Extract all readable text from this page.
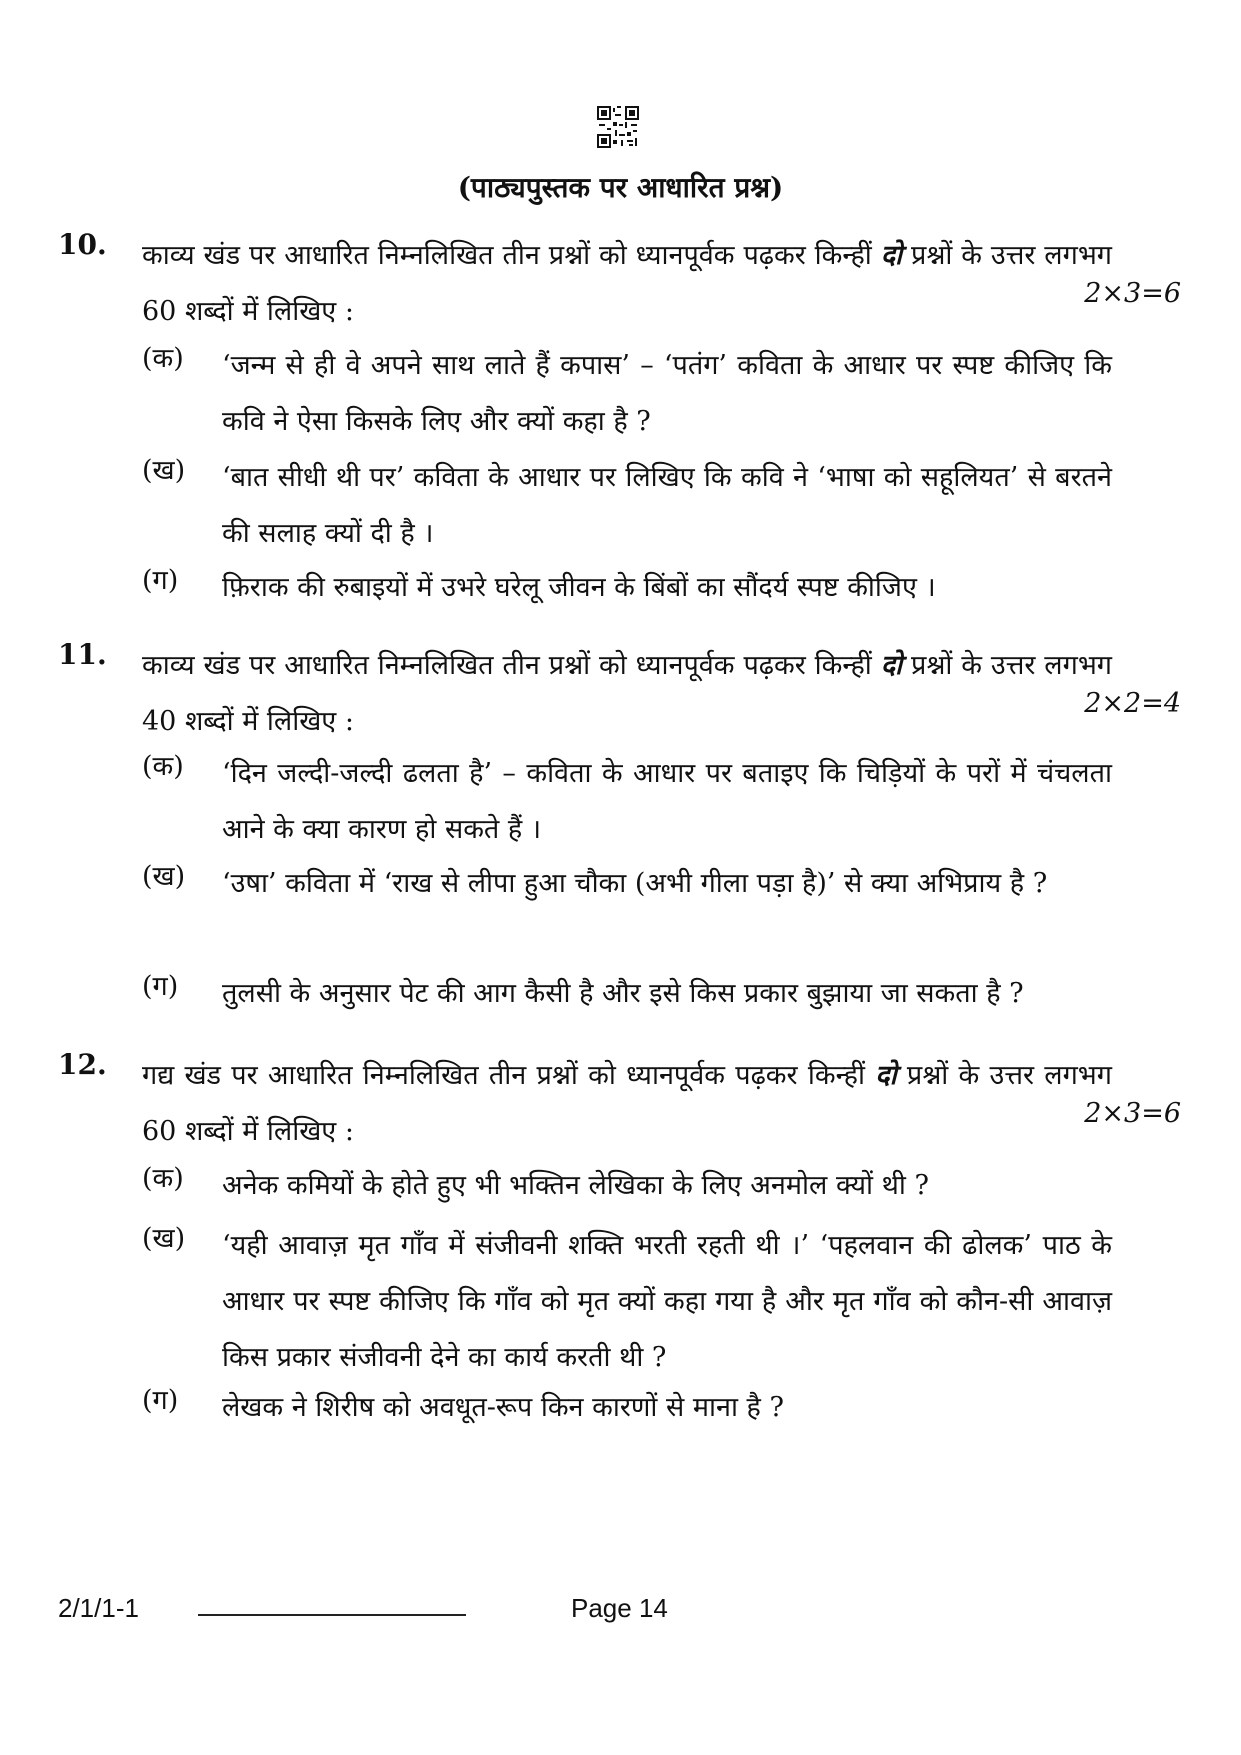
(पाठ्यपुस्तक पर आधारित प्रश्न)
10. काव्य खंड पर आधारित निम्नलिखित तीन प्रश्नों को ध्यानपूर्वक पढ़कर किन्हीं दो प्रश्नों के उत्तर लगभग 60 शब्दों में लिखिए :
2×3=6
(क) ‘जन्म से ही वे अपने साथ लाते हैं कपास’ – ‘पतंग’ कविता के आधार पर स्पष्ट कीजिए कि कवि ने ऐसा किसके लिए और क्यों कहा है ?
(ख) ‘बात सीधी थी पर’ कविता के आधार पर लिखिए कि कवि ने ‘भाषा को सहूलियत’ से बरतने की सलाह क्यों दी है ।
(ग) फ़िराक की रुबाइयों में उभरे घरेलू जीवन के बिंबों का सौंदर्य स्पष्ट कीजिए ।
11. काव्य खंड पर आधारित निम्नलिखित तीन प्रश्नों को ध्यानपूर्वक पढ़कर किन्हीं दो प्रश्नों के उत्तर लगभग 40 शब्दों में लिखिए :
2×2=4
(क) ‘दिन जल्दी-जल्दी ढलता है’ – कविता के आधार पर बताइए कि चिड़ियों के परों में चंचलता आने के क्या कारण हो सकते हैं ।
(ख) ‘उषा’ कविता में ‘राख से लीपा हुआ चौका (अभी गीला पड़ा है)’ से क्या अभिप्राय है ?
(ग) तुलसी के अनुसार पेट की आग कैसी है और इसे किस प्रकार बुझाया जा सकता है ?
12. गद्य खंड पर आधारित निम्नलिखित तीन प्रश्नों को ध्यानपूर्वक पढ़कर किन्हीं दो प्रश्नों के उत्तर लगभग 60 शब्दों में लिखिए :
2×3=6
(क) अनेक कमियों के होते हुए भी भक्तिन लेखिका के लिए अनमोल क्यों थी ?
(ख) ‘यही आवाज़ मृत गाँव में संजीवनी शक्ति भरती रहती थी ।’ ‘पहलवान की ढोलक’ पाठ के आधार पर स्पष्ट कीजिए कि गाँव को मृत क्यों कहा गया है और मृत गाँव को कौन-सी आवाज़ किस प्रकार संजीवनी देने का कार्य करती थी ?
(ग) लेखक ने शिरीष को अवधूत-रूप किन कारणों से माना है ?
2/1/1-1	Page 14
